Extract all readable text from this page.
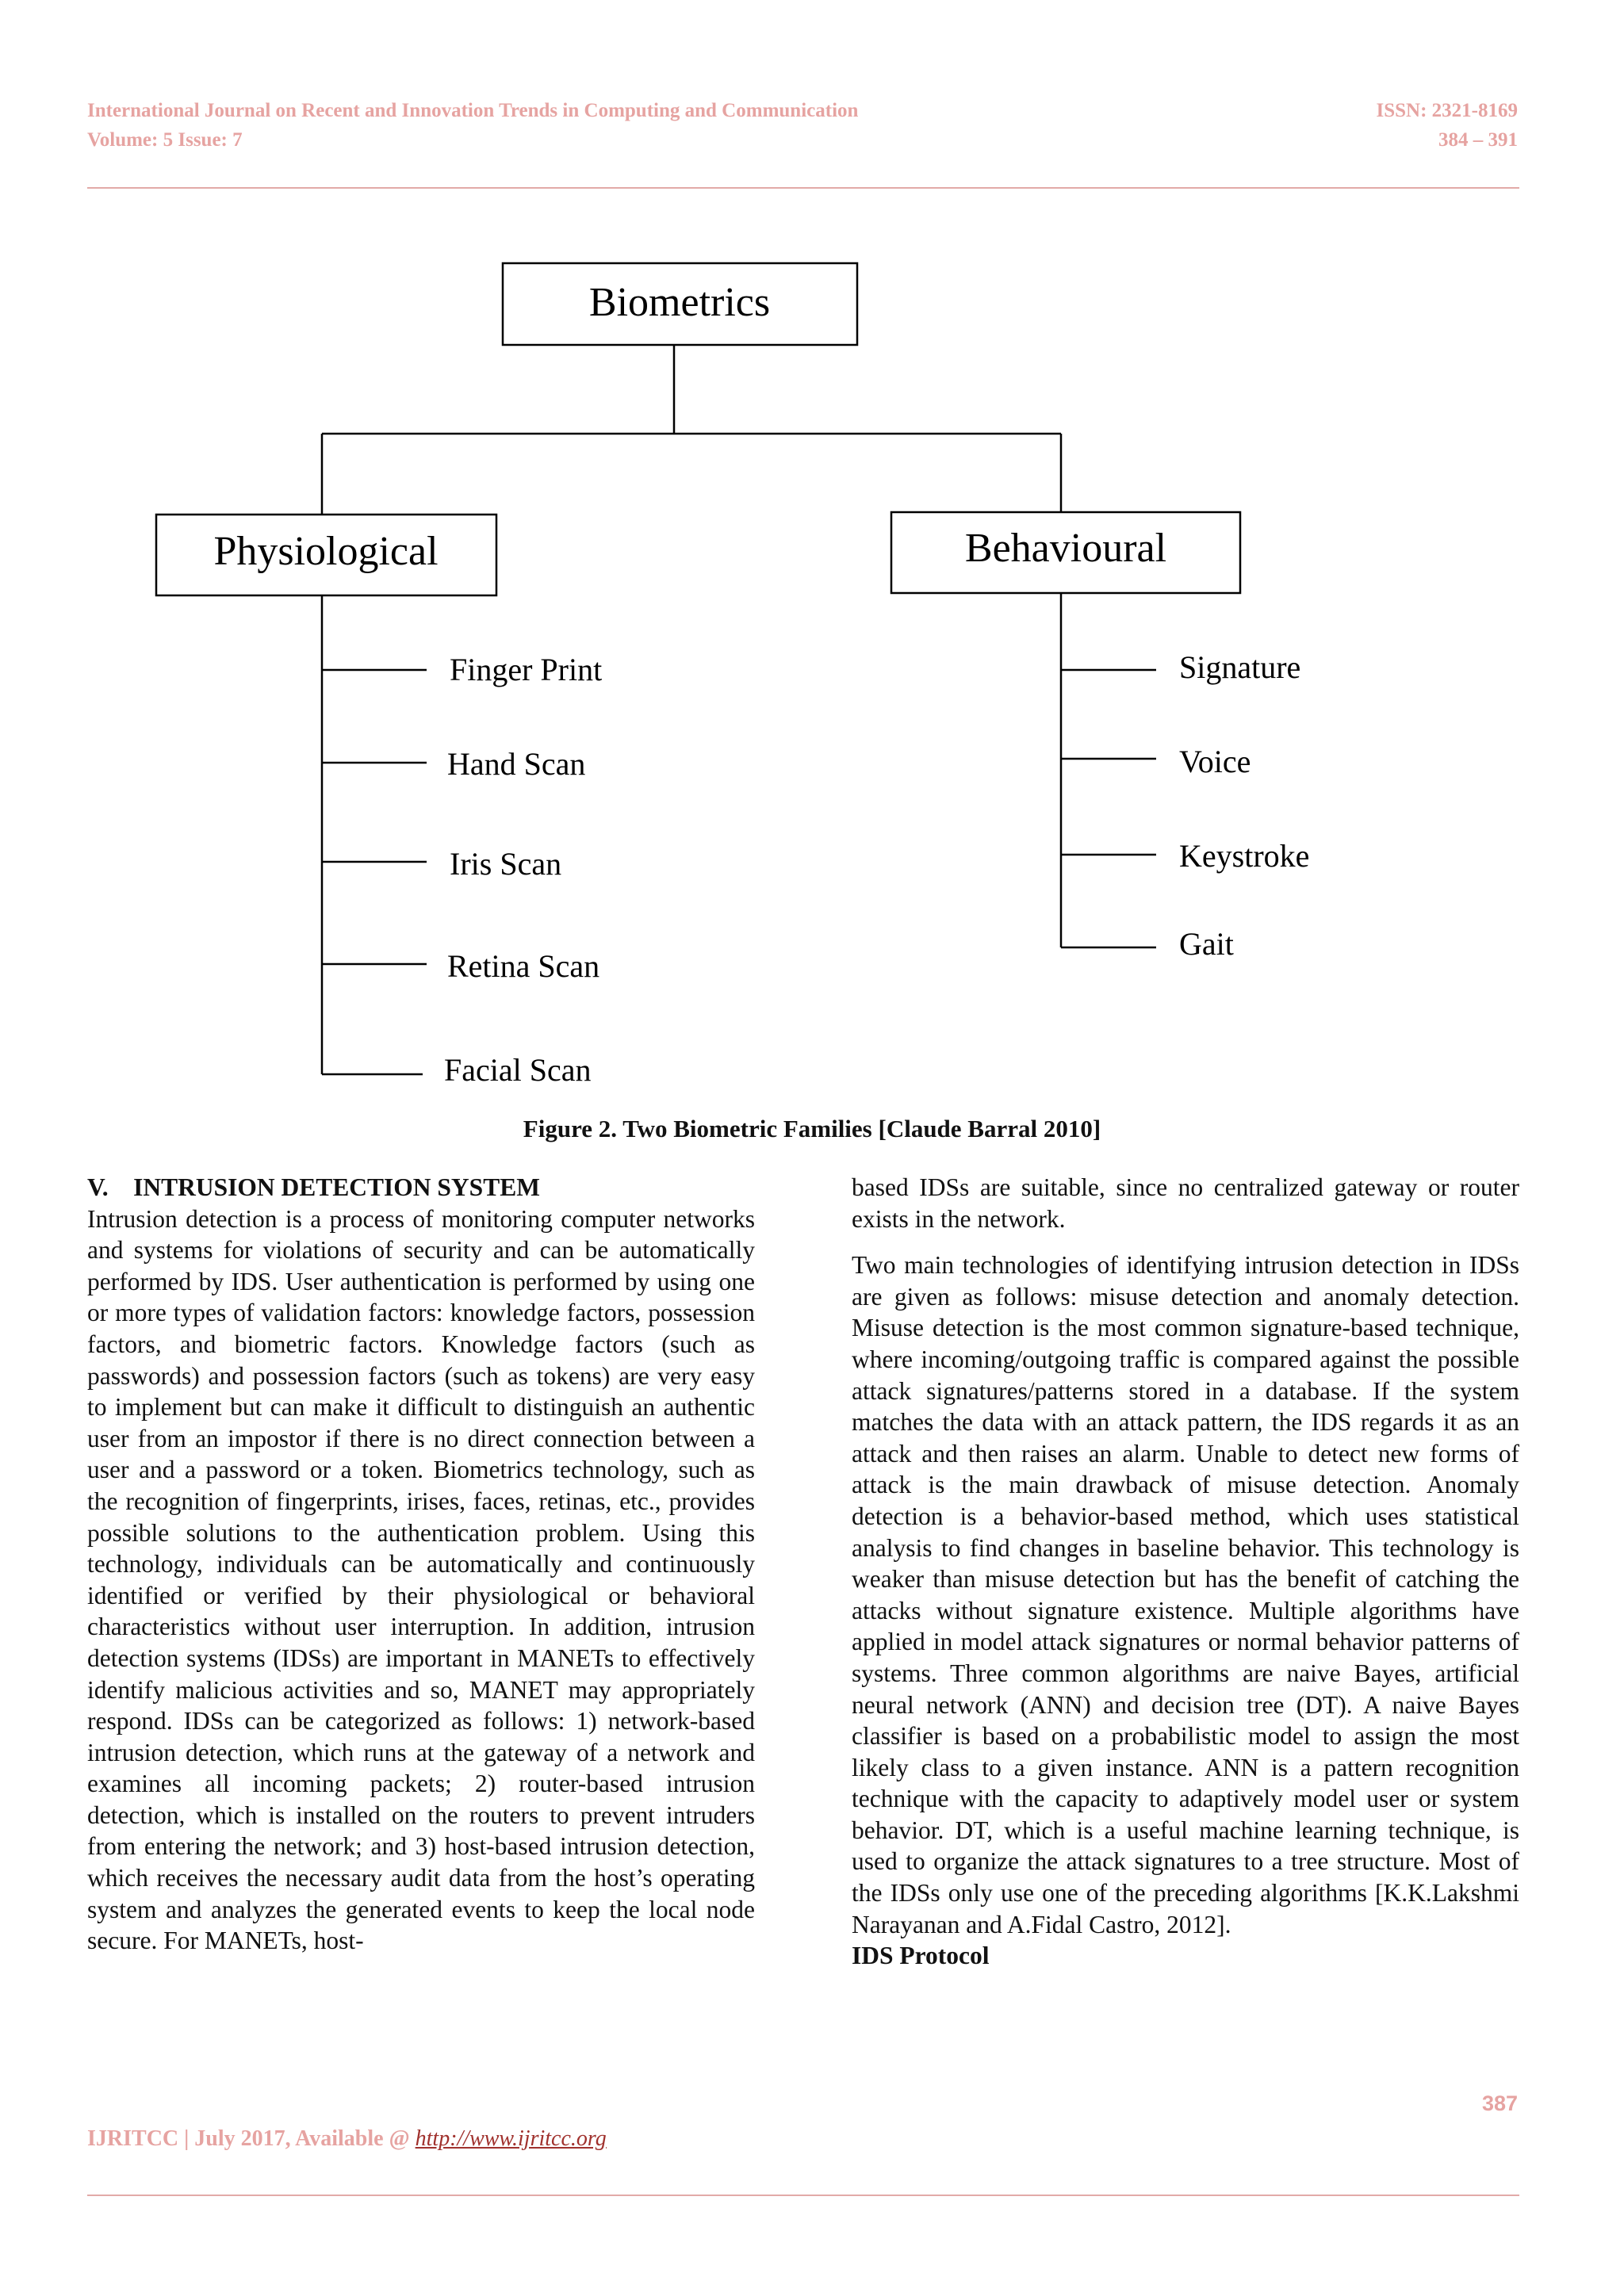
International Journal on Recent and Innovation Trends in Computing and Communication	ISSN: 2321-8169
Volume: 5 Issue: 7	384 – 391
Biometrics
Physiological	Behavioural
Finger Print
Hand Scan
Iris Scan
Retina Scan
Facial Scan
Signature
Voice
Keystroke
Gait
Figure 2. Two Biometric Families [Claude Barral 2010]

V. INTRUSION DETECTION SYSTEM

Intrusion detection is a process of monitoring computer networks and systems for violations of security and can be automatically performed by IDS. User authentication is performed by using one or more types of validation factors: knowledge factors, possession factors, and biometric factors. Knowledge factors (such as passwords) and possession factors (such as tokens) are very easy to implement but can make it difficult to distinguish an authentic user from an impostor if there is no direct connection between a user and a password or a token. Biometrics technology, such as the recognition of fingerprints, irises, faces, retinas, etc., provides possible solutions to the authentication problem. Using this technology, individuals can be automatically and continuously identified or verified by their physiological or behavioral characteristics without user interruption. In addition, intrusion detection systems (IDSs) are important in MANETs to effectively identify malicious activities and so, MANET may appropriately respond. IDSs can be categorized as follows: 1) network-based intrusion detection, which runs at the gateway of a network and examines all incoming packets; 2) router-based intrusion detection, which is installed on the routers to prevent intruders from entering the network; and 3) host-based intrusion detection, which receives the necessary audit data from the host’s operating system and analyzes the generated events to keep the local node secure. For MANETs, host-

based IDSs are suitable, since no centralized gateway or router exists in the network.

Two main technologies of identifying intrusion detection in IDSs are given as follows: misuse detection and anomaly detection. Misuse detection is the most common signature-based technique, where incoming/outgoing traffic is compared against the possible attack signatures/patterns stored in a database. If the system matches the data with an attack pattern, the IDS regards it as an attack and then raises an alarm. Unable to detect new forms of attack is the main drawback of misuse detection. Anomaly detection is a behavior-based method, which uses statistical analysis to find changes in baseline behavior. This technology is weaker than misuse detection but has the benefit of catching the attacks without signature existence. Multiple algorithms have applied in model attack signatures or normal behavior patterns of systems. Three common algorithms are naive Bayes, artificial neural network (ANN) and decision tree (DT). A naive Bayes classifier is based on a probabilistic model to assign the most likely class to a given instance. ANN is a pattern recognition technique with the capacity to adaptively model user or system behavior. DT, which is a useful machine learning technique, is used to organize the attack signatures to a tree structure. Most of the IDSs only use one of the preceding algorithms [K.K.Lakshmi Narayanan and A.Fidal Castro, 2012].

IDS Protocol

387
IJRITCC | July 2017, Available @ http://www.ijritcc.org
